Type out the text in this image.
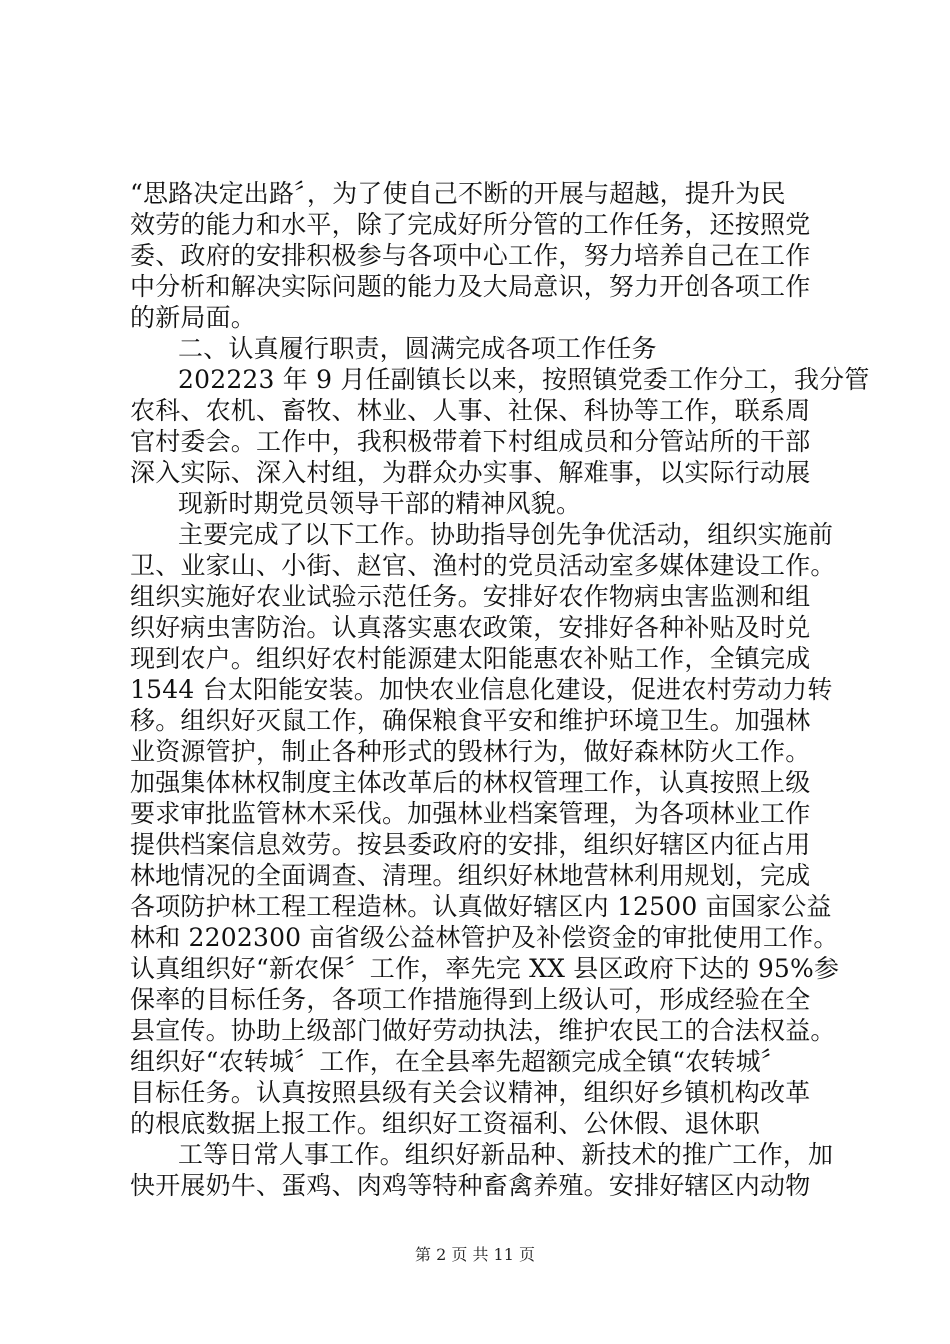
“思路决定出路〞，为了使自己不断的开展与超越，提升为民
效劳的能力和水平，除了完成好所分管的工作任务，还按照党
委、政府的安排积极参与各项中心工作，努力培养自己在工作
中分析和解决实际问题的能力及大局意识，努力开创各项工作
的新局面。
二、认真履行职责，圆满完成各项工作任务
202223 年 9 月任副镇长以来，按照镇党委工作分工，我分管
农科、农机、畜牧、林业、人事、社保、科协等工作，联系周
官村委会。工作中，我积极带着下村组成员和分管站所的干部
深入实际、深入村组，为群众办实事、解难事，以实际行动展
现新时期党员领导干部的精神风貌。
主要完成了以下工作。协助指导创先争优活动，组织实施前
卫、业家山、小街、赵官、渔村的党员活动室多媒体建设工作。
组织实施好农业试验示范任务。安排好农作物病虫害监测和组
织好病虫害防治。认真落实惠农政策，安排好各种补贴及时兑
现到农户。组织好农村能源建太阳能惠农补贴工作，全镇完成
1544 台太阳能安装。加快农业信息化建设，促进农村劳动力转
移。组织好灭鼠工作，确保粮食平安和维护环境卫生。加强林
业资源管护，制止各种形式的毁林行为，做好森林防火工作。
加强集体林权制度主体改革后的林权管理工作，认真按照上级
要求审批监管林木采伐。加强林业档案管理，为各项林业工作
提供档案信息效劳。按县委政府的安排，组织好辖区内征占用
林地情况的全面调查、清理。组织好林地营林利用规划，完成
各项防护林工程工程造林。认真做好辖区内 12500 亩国家公益
林和 2202300 亩省级公益林管护及补偿资金的审批使用工作。
认真组织好“新农保〞工作，率先完 XX 县区政府下达的 95%参
保率的目标任务，各项工作措施得到上级认可，形成经验在全
县宣传。协助上级部门做好劳动执法，维护农民工的合法权益。
组织好“农转城〞工作，在全县率先超额完成全镇“农转城〞
目标任务。认真按照县级有关会议精神，组织好乡镇机构改革
的根底数据上报工作。组织好工资福利、公休假、退休职
工等日常人事工作。组织好新品种、新技术的推广工作，加
快开展奶牛、蛋鸡、肉鸡等特种畜禽养殖。安排好辖区内动物
第 2 页 共 11 页
